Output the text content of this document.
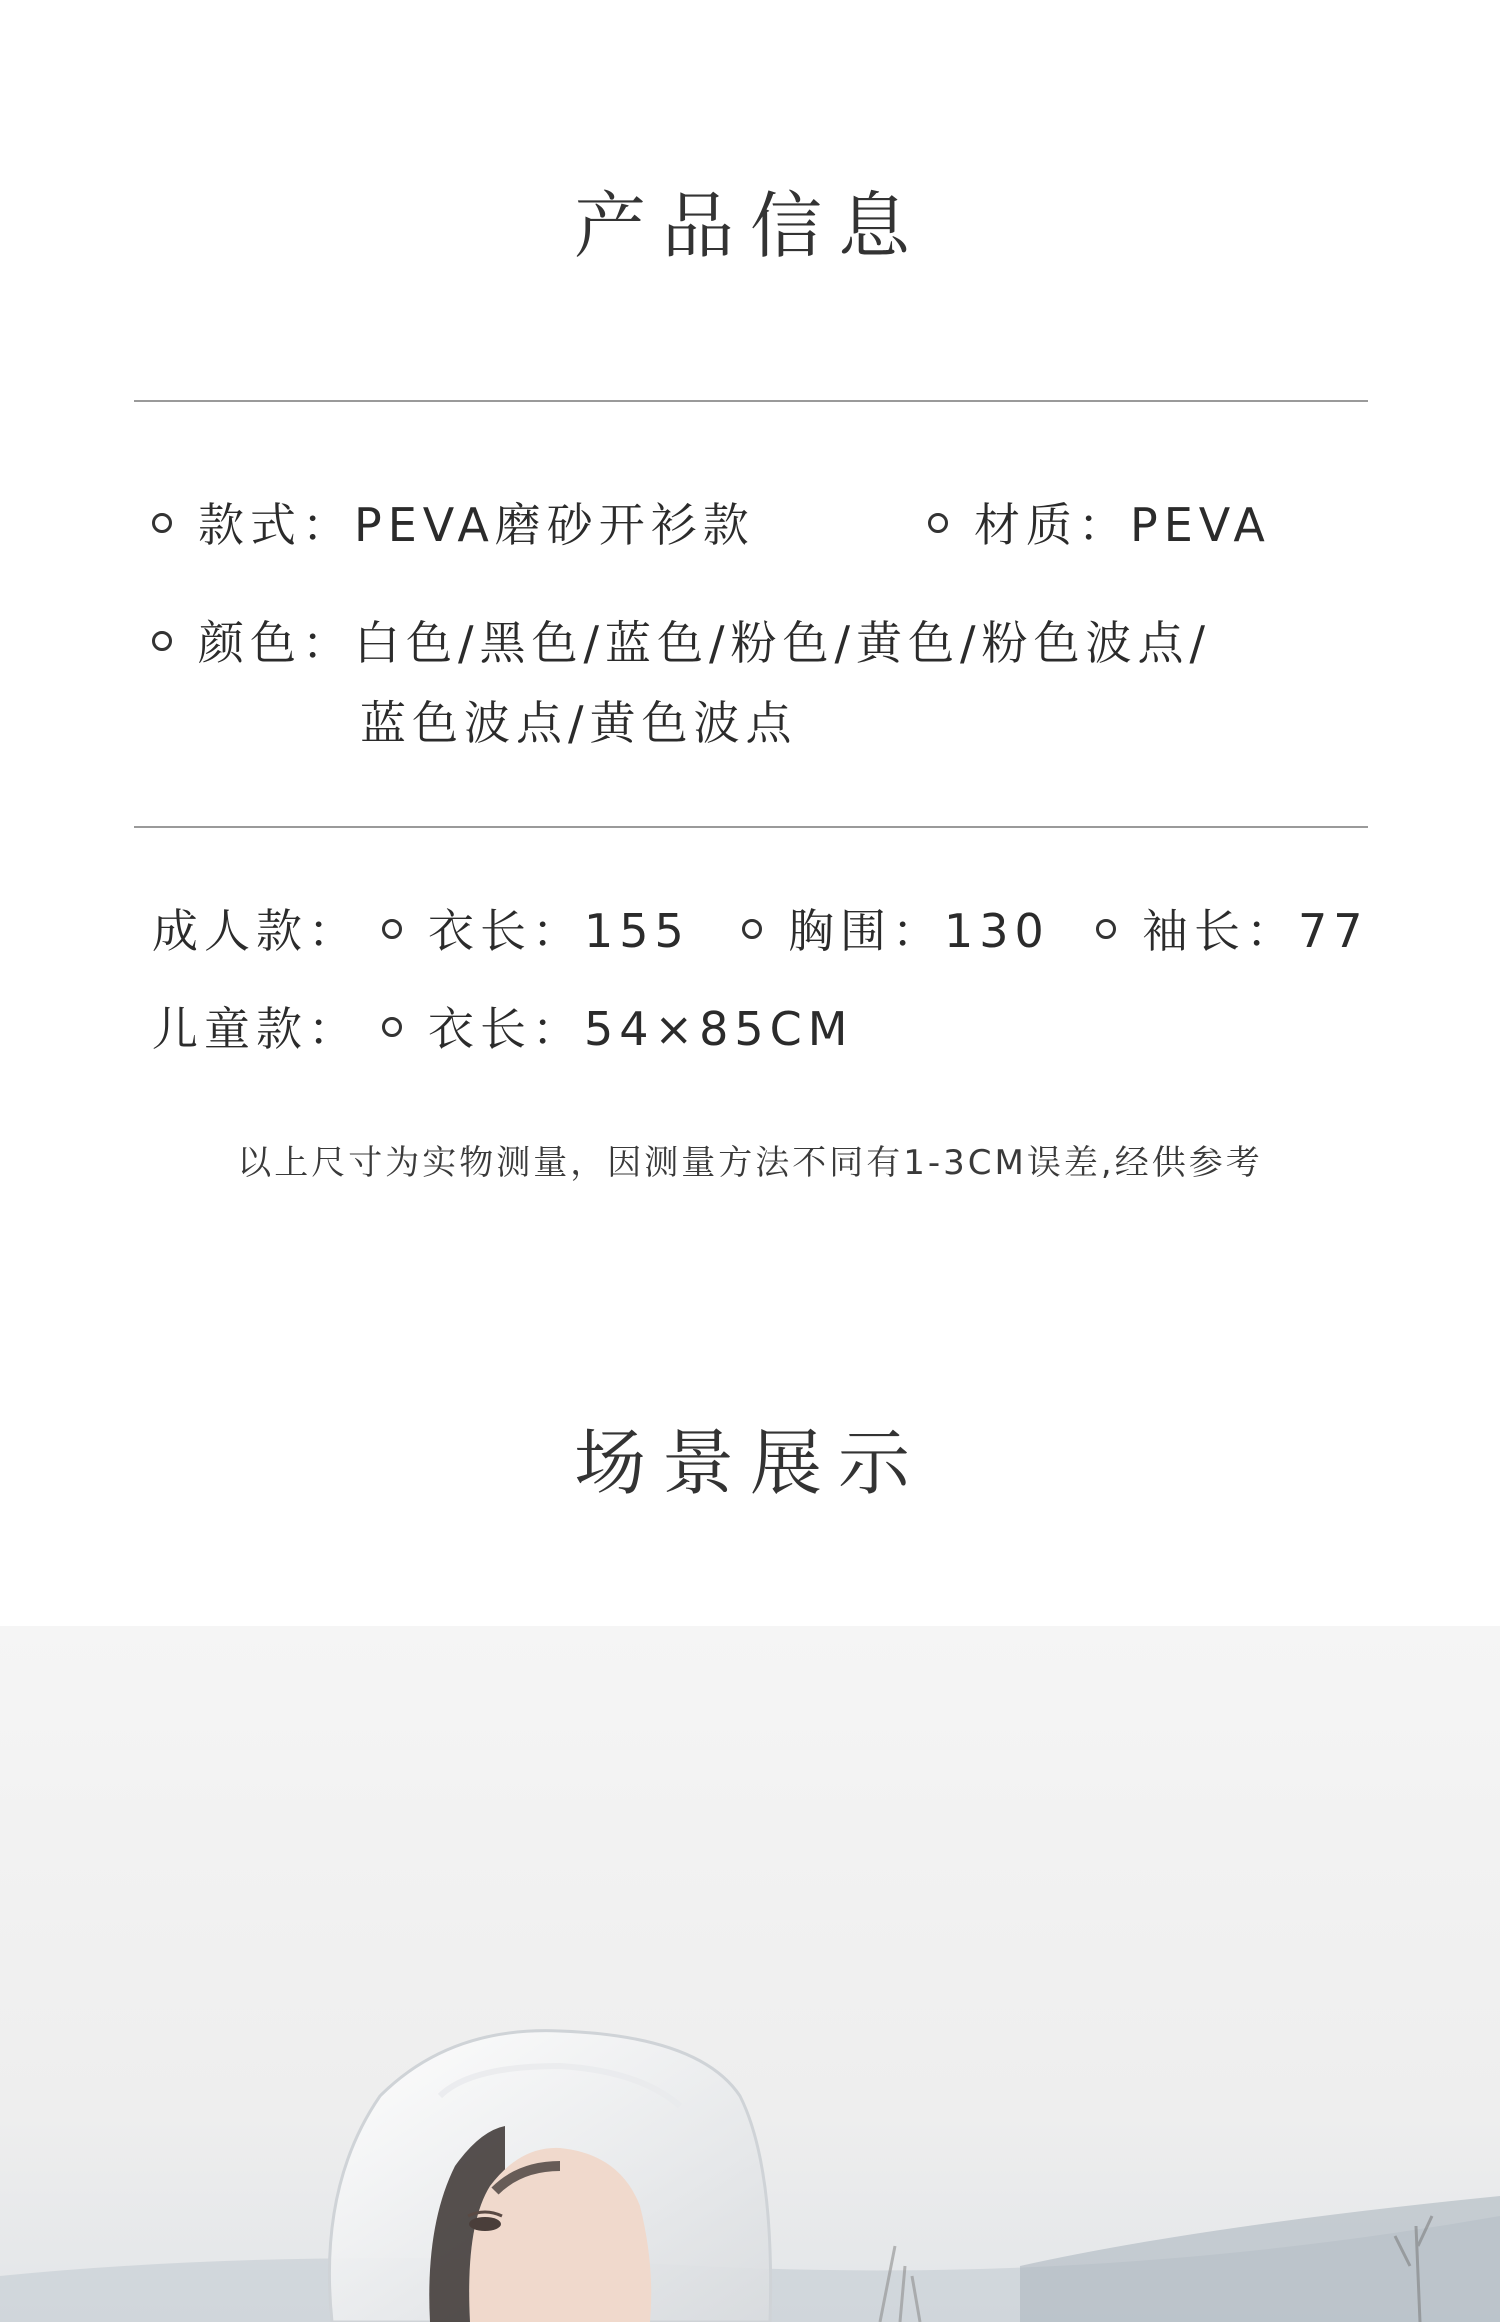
产品信息
款式：PEVA磨砂开衫款	材质：PEVA
颜色：白色/黑色/蓝色/粉色/黄色/粉色波点/
蓝色波点/黄色波点
成人款：	衣长：155	胸围：130	袖长：77
儿童款：	衣长：54×85CM
以上尺寸为实物测量，因测量方法不同有1-3CM误差,经供参考
场景展示
